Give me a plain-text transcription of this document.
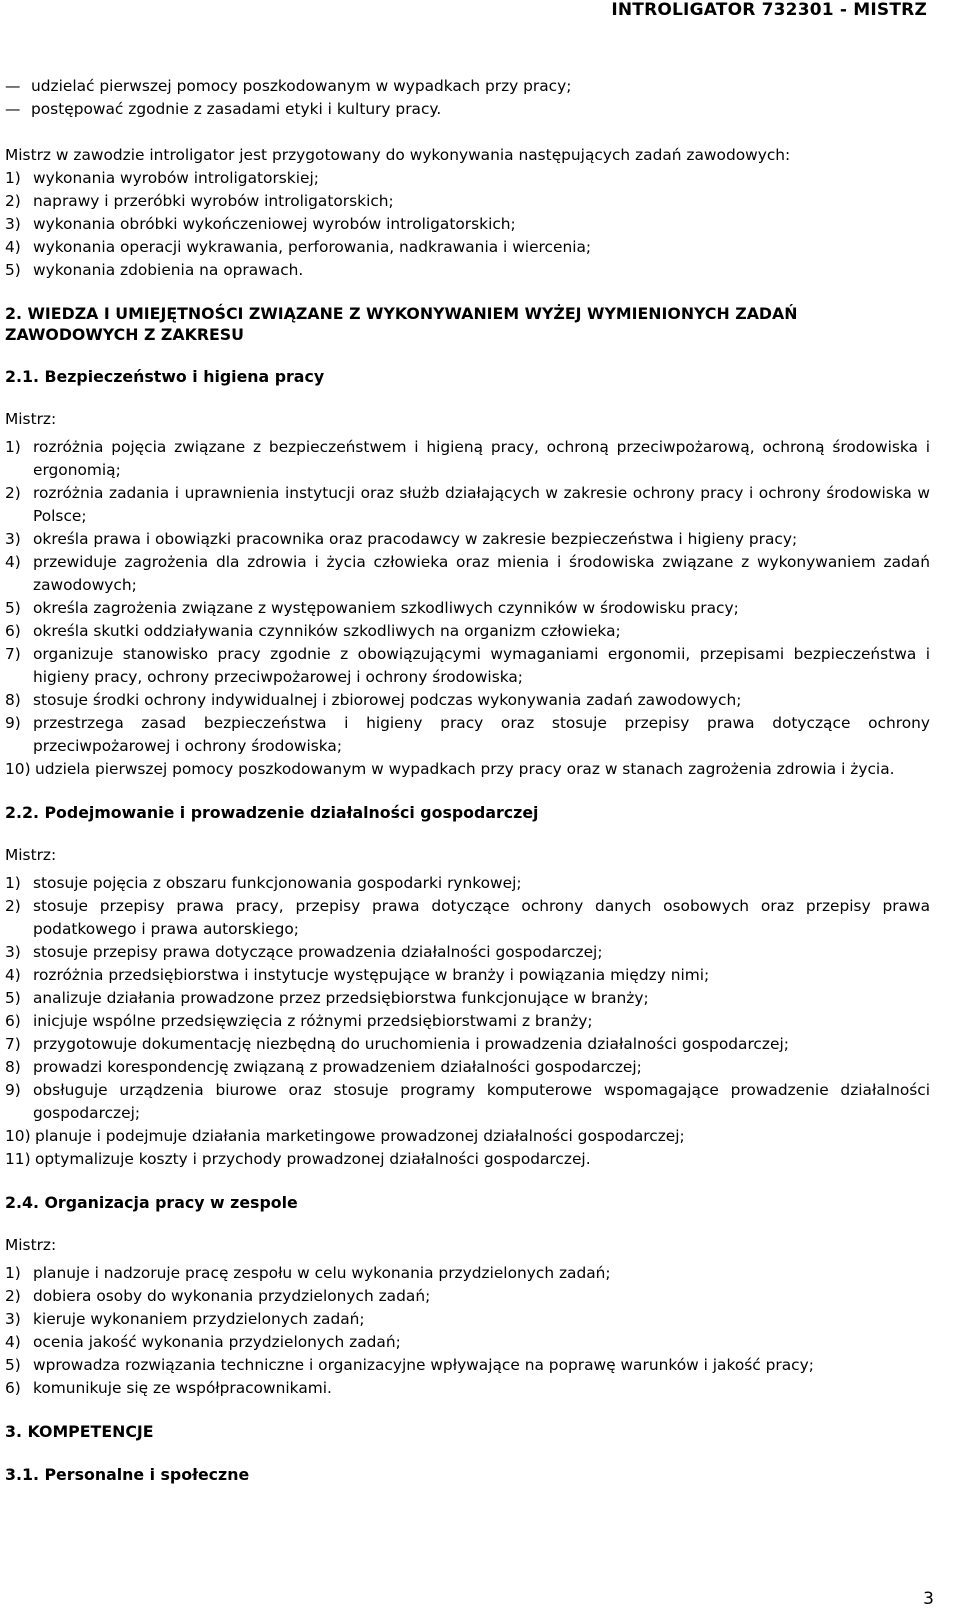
INTROLIGATOR 732301 - MISTRZ
— udzielać pierwszej pomocy poszkodowanym w wypadkach przy pracy;
— postępować zgodnie z zasadami etyki i kultury pracy.
Mistrz w zawodzie introligator jest przygotowany do wykonywania następujących zadań zawodowych:
1) wykonania wyrobów introligatorskiej;
2) naprawy i przeróbki wyrobów introligatorskich;
3) wykonania obróbki wykończeniowej wyrobów introligatorskich;
4) wykonania operacji wykrawania, perforowania, nadkrawania i wiercenia;
5) wykonania zdobienia na oprawach.
2. WIEDZA I UMIEJĘTNOŚCI ZWIĄZANE Z WYKONYWANIEM WYŻEJ WYMIENIONYCH ZADAŃ ZAWODOWYCH Z ZAKRESU
2.1. Bezpieczeństwo i higiena pracy
Mistrz:
1) rozróżnia pojęcia związane z bezpieczeństwem i higieną pracy, ochroną przeciwpożarową, ochroną środowiska i ergonomią;
2) rozróżnia zadania i uprawnienia instytucji oraz służb działających w zakresie ochrony pracy i ochrony środowiska w Polsce;
3) określa prawa i obowiązki pracownika oraz pracodawcy w zakresie bezpieczeństwa i higieny pracy;
4) przewiduje zagrożenia dla zdrowia i życia człowieka oraz mienia i środowiska związane z wykonywaniem zadań zawodowych;
5) określa zagrożenia związane z występowaniem szkodliwych czynników w środowisku pracy;
6) określa skutki oddziaływania czynników szkodliwych na organizm człowieka;
7) organizuje stanowisko pracy zgodnie z obowiązującymi wymaganiami ergonomii, przepisami bezpieczeństwa i higieny pracy, ochrony przeciwpożarowej i ochrony środowiska;
8) stosuje środki ochrony indywidualnej i zbiorowej podczas wykonywania zadań zawodowych;
9) przestrzega zasad bezpieczeństwa i higieny pracy oraz stosuje przepisy prawa dotyczące ochrony przeciwpożarowej i ochrony środowiska;
10) udziela pierwszej pomocy poszkodowanym w wypadkach przy pracy oraz w stanach zagrożenia zdrowia i życia.
2.2. Podejmowanie i prowadzenie działalności gospodarczej
Mistrz:
1) stosuje pojęcia z obszaru funkcjonowania gospodarki rynkowej;
2) stosuje przepisy prawa pracy, przepisy prawa dotyczące ochrony danych osobowych oraz przepisy prawa podatkowego i prawa autorskiego;
3) stosuje przepisy prawa dotyczące prowadzenia działalności gospodarczej;
4) rozróżnia przedsiębiorstwa i instytucje występujące w branży i powiązania między nimi;
5) analizuje działania prowadzone przez przedsiębiorstwa funkcjonujące w branży;
6) inicjuje wspólne przedsięwzięcia z różnymi przedsiębiorstwami z branży;
7) przygotowuje dokumentację niezbędną do uruchomienia i prowadzenia działalności gospodarczej;
8) prowadzi korespondencję związaną z prowadzeniem działalności gospodarczej;
9) obsługuje urządzenia biurowe oraz stosuje programy komputerowe wspomagające prowadzenie działalności gospodarczej;
10) planuje i podejmuje działania marketingowe prowadzonej działalności gospodarczej;
11) optymalizuje koszty i przychody prowadzonej działalności gospodarczej.
2.4. Organizacja pracy w zespole
Mistrz:
1) planuje i nadzoruje pracę zespołu w celu wykonania przydzielonych zadań;
2) dobiera osoby do wykonania przydzielonych zadań;
3) kieruje wykonaniem przydzielonych zadań;
4) ocenia jakość wykonania przydzielonych zadań;
5) wprowadza rozwiązania techniczne i organizacyjne wpływające na poprawę warunków i jakość pracy;
6) komunikuje się ze współpracownikami.
3. KOMPETENCJE
3.1. Personalne i społeczne
3
